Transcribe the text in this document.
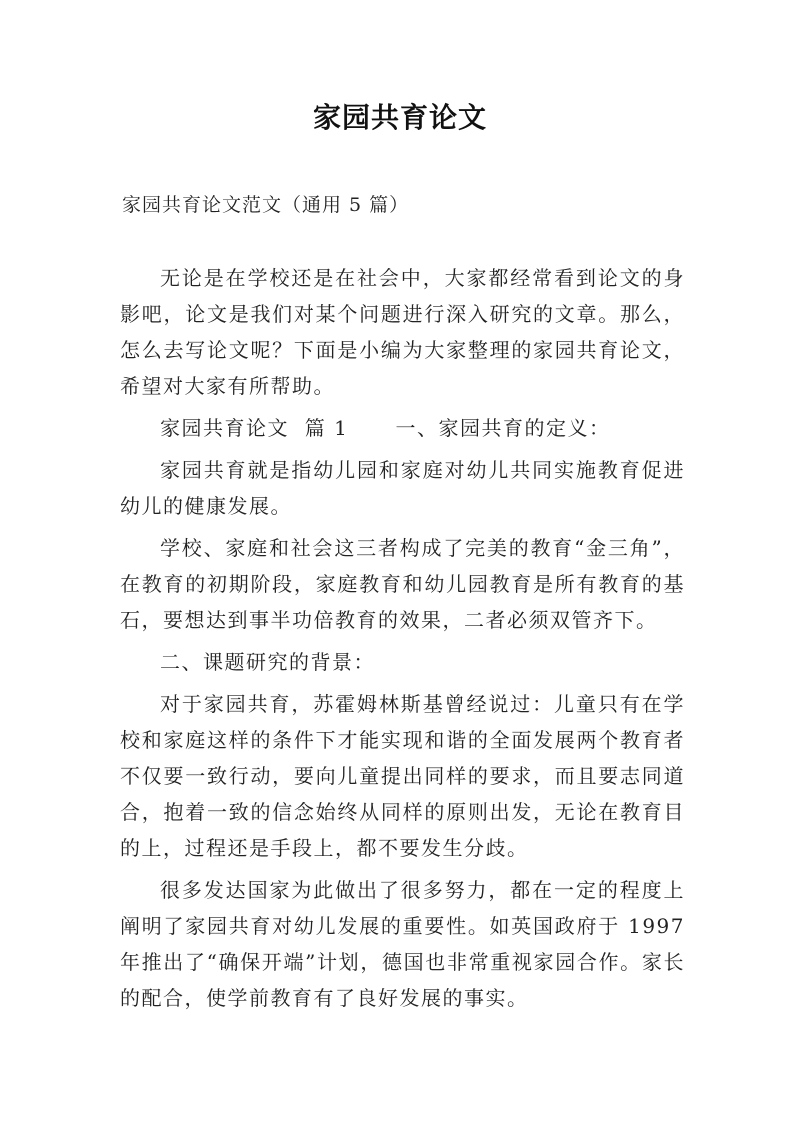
家园共育论文

家园共育论文范文（通用 5 篇）

无论是在学校还是在社会中，大家都经常看到论文的身影吧，论文是我们对某个问题进行深入研究的文章。那么，怎么去写论文呢？下面是小编为大家整理的家园共育论文，希望对大家有所帮助。

家园共育论文  篇 1      一、家园共育的定义：

家园共育就是指幼儿园和家庭对幼儿共同实施教育促进幼儿的健康发展。

学校、家庭和社会这三者构成了完美的教育“金三角”，在教育的初期阶段，家庭教育和幼儿园教育是所有教育的基石，要想达到事半功倍教育的效果，二者必须双管齐下。

二、课题研究的背景：

对于家园共育，苏霍姆林斯基曾经说过：儿童只有在学校和家庭这样的条件下才能实现和谐的全面发展两个教育者不仅要一致行动，要向儿童提出同样的要求，而且要志同道合，抱着一致的信念始终从同样的原则出发，无论在教育目的上，过程还是手段上，都不要发生分歧。

很多发达国家为此做出了很多努力，都在一定的程度上阐明了家园共育对幼儿发展的重要性。如英国政府于 1997 年推出了“确保开端”计划，德国也非常重视家园合作。家长的配合，使学前教育有了良好发展的事实。
